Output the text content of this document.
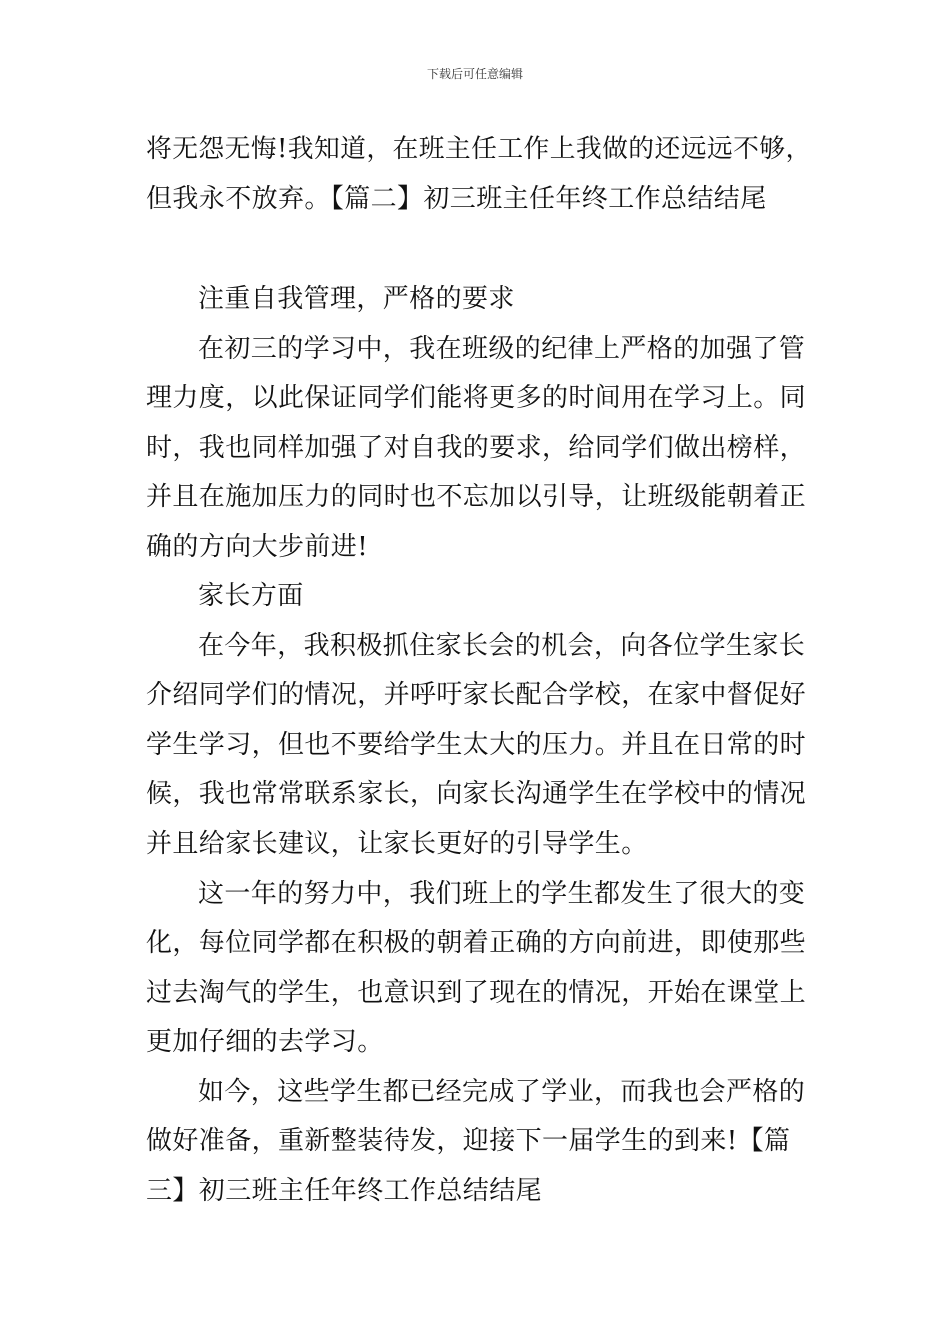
下载后可任意编辑
将无怨无悔!我知道，在班主任工作上我做的还远远不够，
但我永不放弃。【篇二】初三班主任年终工作总结结尾
注重自我管理，严格的要求
在初三的学习中，我在班级的纪律上严格的加强了管
理力度，以此保证同学们能将更多的时间用在学习上。同
时，我也同样加强了对自我的要求，给同学们做出榜样，
并且在施加压力的同时也不忘加以引导，让班级能朝着正
确的方向大步前进!
家长方面
在今年，我积极抓住家长会的机会，向各位学生家长
介绍同学们的情况，并呼吁家长配合学校，在家中督促好
学生学习，但也不要给学生太大的压力。并且在日常的时
候，我也常常联系家长，向家长沟通学生在学校中的情况
并且给家长建议，让家长更好的引导学生。
这一年的努力中，我们班上的学生都发生了很大的变
化，每位同学都在积极的朝着正确的方向前进，即使那些
过去淘气的学生，也意识到了现在的情况，开始在课堂上
更加仔细的去学习。
如今，这些学生都已经完成了学业，而我也会严格的
做好准备，重新整装待发，迎接下一届学生的到来!【篇
三】初三班主任年终工作总结结尾
